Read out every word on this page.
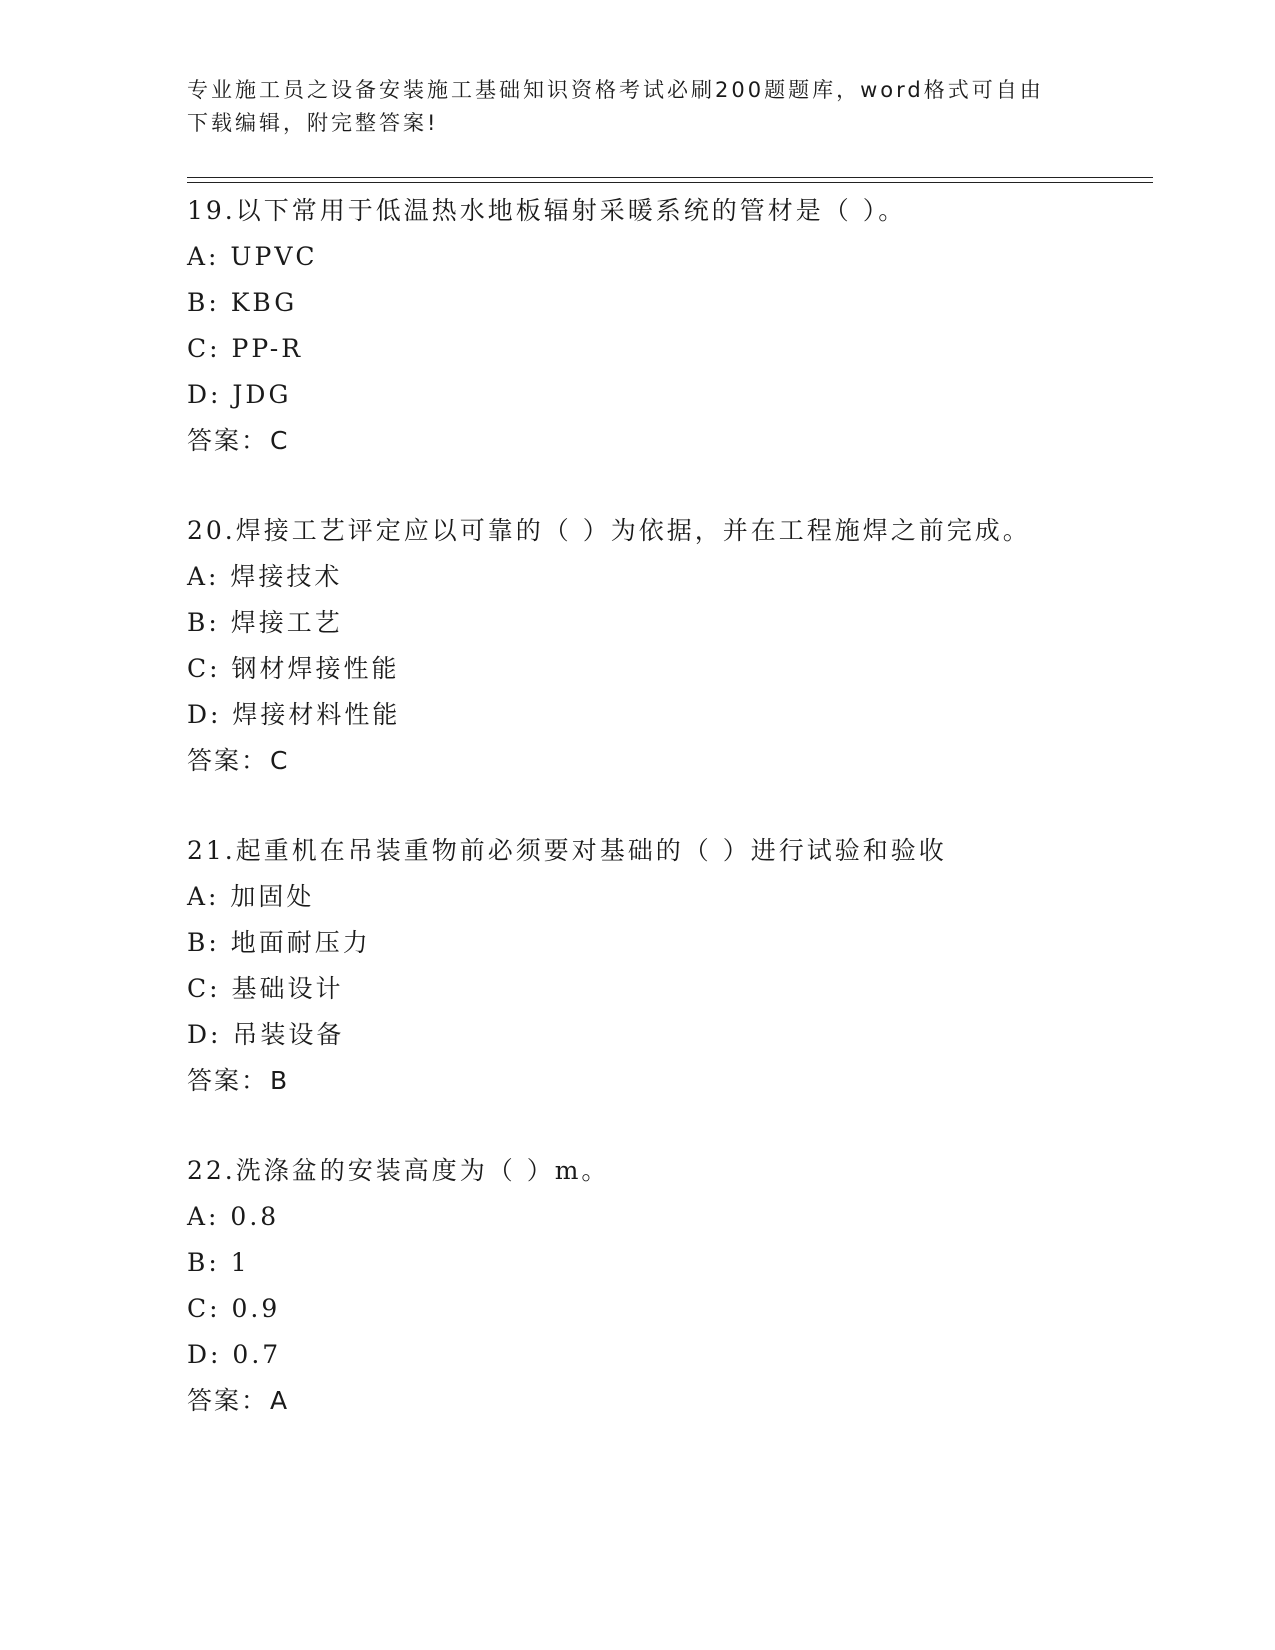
专业施工员之设备安装施工基础知识资格考试必刷200题题库，word格式可自由
下载编辑，附完整答案!
19.以下常用于低温热水地板辐射采暖系统的管材是（ ）。
A: UPVC
B: KBG
C: PP-R
D: JDG
答案：C
20.焊接工艺评定应以可靠的（ ）为依据，并在工程施焊之前完成。
A: 焊接技术
B: 焊接工艺
C: 钢材焊接性能
D: 焊接材料性能
答案：C
21.起重机在吊装重物前必须要对基础的（ ）进行试验和验收
A: 加固处
B: 地面耐压力
C: 基础设计
D: 吊装设备
答案：B
22.洗涤盆的安装高度为（ ）m。
A: 0.8
B: 1
C: 0.9
D: 0.7
答案：A
